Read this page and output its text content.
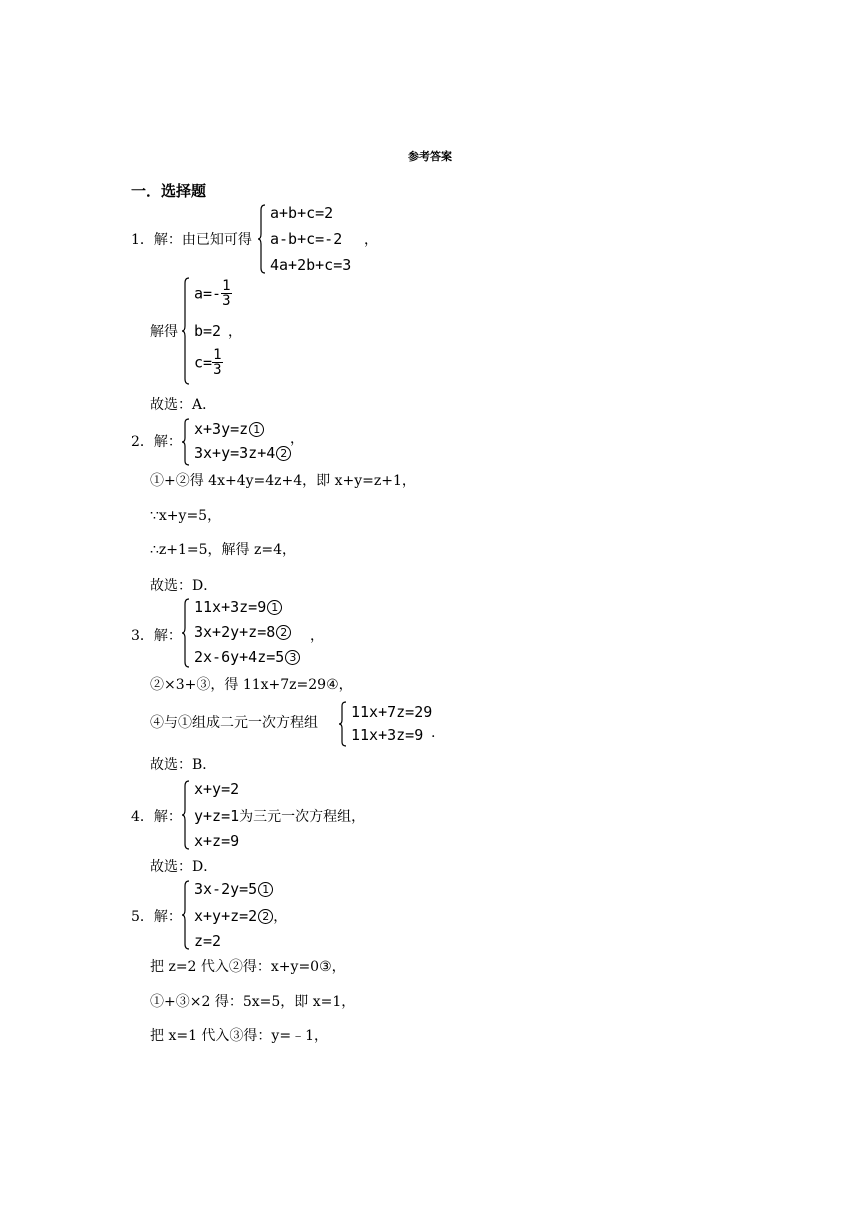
参考答案
一．选择题
1．解：由已知可得
a+b+c=2
a-b+c=-2
4a+2b+c=3
，
解得
$a=- \frac{1}{3}$
b=2
$c= \frac{1}{3}$
，
故选：A．
2．解：
x+3y=z 1
3x+y=3z+4 2
，
①+②得 4x+4y=4z+4，即 x+y=z+1，
∵x+y=5，
∴z+1=5，解得 z=4，
故选：D．
3．解：
11x+3z=9 1
3x+2y+z=8 2
2x-6y+4z=5 3
，
②×3+③，得 11x+7z=29④，
④与①组成二元一次方程组
11x+7z=29
11x+3z=9 .
故选：B．
4．解：
x+y=2
y+z=1为三元一次方程组，
x+z=9
故选：D．
5．解：
3x-2y=5 1
x+y+z=2 2 ，
z=2
把 z=2 代入②得：x+y=0③，
①+③×2 得：5x=5，即 x=1，
把 x=1 代入③得：y=﹣1，
